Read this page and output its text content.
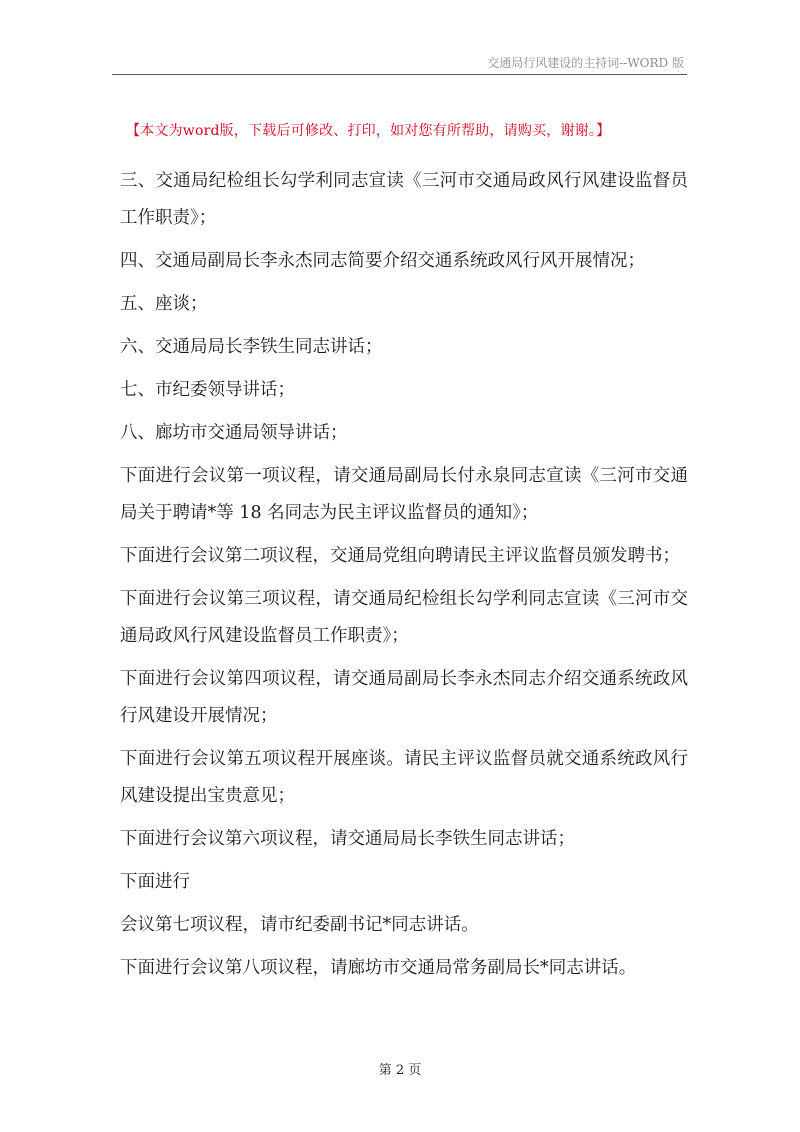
交通局行风建设的主持词--WORD 版
【本文为word版，下载后可修改、打印，如对您有所帮助，请购买，谢谢。】

三、交通局纪检组长勾学利同志宣读《三河市交通局政风行风建设监督员工作职责》；

四、交通局副局长李永杰同志简要介绍交通系统政风行风开展情况；

五、座谈；

六、交通局局长李铁生同志讲话；

七、市纪委领导讲话；

八、廊坊市交通局领导讲话；

下面进行会议第一项议程，请交通局副局长付永泉同志宣读《三河市交通局关于聘请*等 18 名同志为民主评议监督员的通知》；

下面进行会议第二项议程，交通局党组向聘请民主评议监督员颁发聘书；

下面进行会议第三项议程，请交通局纪检组长勾学利同志宣读《三河市交通局政风行风建设监督员工作职责》；

下面进行会议第四项议程，请交通局副局长李永杰同志介绍交通系统政风行风建设开展情况；

下面进行会议第五项议程开展座谈。请民主评议监督员就交通系统政风行风建设提出宝贵意见；

下面进行会议第六项议程，请交通局局长李铁生同志讲话；

下面进行

会议第七项议程，请市纪委副书记*同志讲话。

下面进行会议第八项议程，请廊坊市交通局常务副局长*同志讲话。

第 2 页
